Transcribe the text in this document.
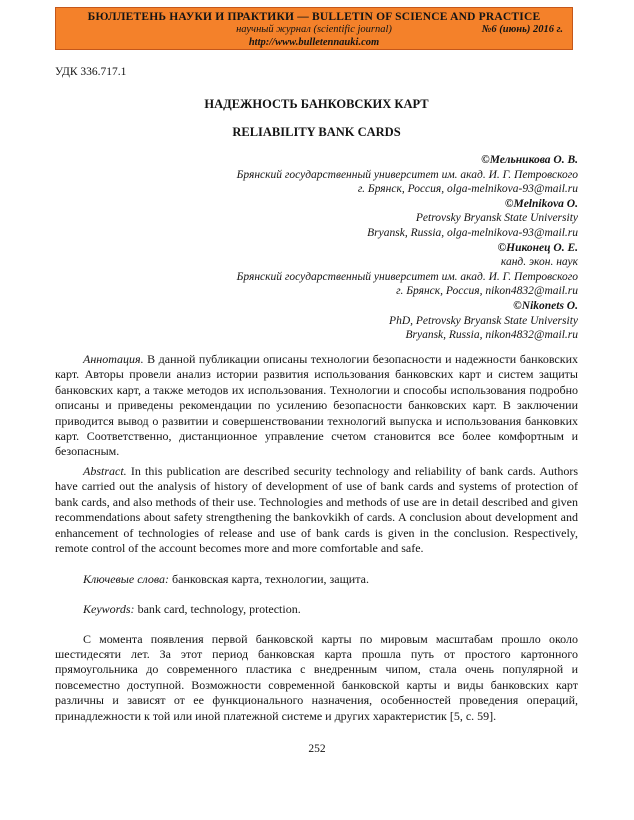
БЮЛЛЕТЕНЬ НАУКИ И ПРАКТИКИ — BULLETIN OF SCIENCE AND PRACTICE
научный журнал (scientific journal)	№6 (июнь) 2016 г.
http://www.bulletennauki.com
УДК 336.717.1
НАДЕЖНОСТЬ БАНКОВСКИХ КАРТ
RELIABILITY BANK CARDS
©Мельникова О. В.
Брянский государственный университет им. акад. И. Г. Петровского
г. Брянск, Россия, olga-melnikova-93@mail.ru
©Melnikova O.
Petrovsky Bryansk State University
Bryansk, Russia, olga-melnikova-93@mail.ru
©Никонец О. Е.
канд. экон. наук
Брянский государственный университет им. акад. И. Г. Петровского
г. Брянск, Россия, nikon4832@mail.ru
©Nikonets O.
PhD, Petrovsky Bryansk State University
Bryansk, Russia, nikon4832@mail.ru

Аннотация. В данной публикации описаны технологии безопасности и надежности банковских карт. Авторы провели анализ истории развития использования банковских карт и систем защиты банковских карт, а также методов их использования. Технологии и способы использования подробно описаны и приведены рекомендации по усилению безопасности банковских карт. В заключении приводится вывод о развитии и совершенствовании технологий выпуска и использования банковких карт. Соответственно, дистанционное управление счетом становится все более комфортным и безопасным.

Abstract. In this publication are described security technology and reliability of bank cards. Authors have carried out the analysis of history of development of use of bank cards and systems of protection of bank cards, and also methods of their use. Technologies and methods of use are in detail described and given recommendations about safety strengthening the bankovkikh of cards. A conclusion about development and enhancement of technologies of release and use of bank cards is given in the conclusion. Respectively, remote control of the account becomes more and more comfortable and safe.

Ключевые слова: банковская карта, технологии, защита.

Keywords: bank card, technology, protection.

С момента появления первой банковской карты по мировым масштабам прошло около шестидесяти лет. За этот период банковская карта прошла путь от простого картонного прямоугольника до современного пластика с внедренным чипом, стала очень популярной и повсеместно доступной. Возможности современной банковской карты и виды банковских карт различны и зависят от ее функционального назначения, особенностей проведения операций, принадлежности к той или иной платежной системе и других характеристик [5, с. 59].

252
